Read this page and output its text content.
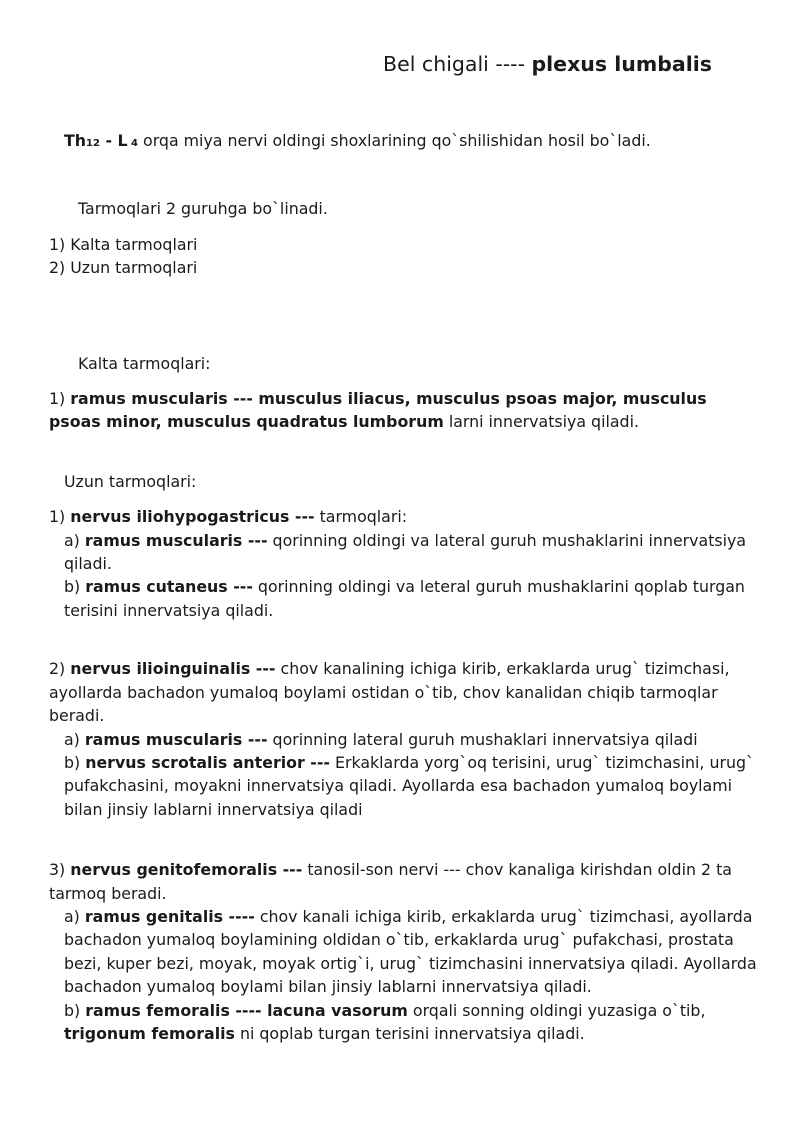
Bel chigali ---- plexus lumbalis

Th12 - L 4 orqa miya nervi oldingi shoxlarining qo`shilishidan hosil bo`ladi.

Tarmoqlari 2 guruhga bo`linadi.

1) Kalta tarmoqlari

2) Uzun tarmoqlari

Kalta tarmoqlari:

1) ramus muscularis --- musculus iliacus, musculus psoas major, musculus psoas minor, musculus quadratus lumborum larni innervatsiya qiladi.

Uzun tarmoqlari:

1) nervus iliohypogastricus --- tarmoqlari:

a) ramus muscularis --- qorinning oldingi va lateral guruh mushaklarini innervatsiya qiladi.

b) ramus cutaneus --- qorinning oldingi va leteral guruh mushaklarini qoplab turgan terisini innervatsiya qiladi.

2) nervus ilioinguinalis --- chov kanalining ichiga kirib, erkaklarda urug` tizimchasi, ayollarda bachadon yumaloq boylami ostidan o`tib, chov kanalidan chiqib tarmoqlar beradi.

a) ramus muscularis --- qorinning lateral guruh mushaklari innervatsiya qiladi

b) nervus scrotalis anterior --- Erkaklarda yorg`oq terisini, urug` tizimchasini, urug` pufakchasini, moyakni innervatsiya qiladi. Ayollarda esa bachadon yumaloq boylami bilan jinsiy lablarni innervatsiya qiladi

3) nervus genitofemoralis --- tanosil-son nervi --- chov kanaliga kirishdan oldin 2 ta tarmoq beradi.

a) ramus genitalis ---- chov kanali ichiga kirib, erkaklarda urug` tizimchasi, ayollarda bachadon yumaloq boylamining oldidan o`tib, erkaklarda urug` pufakchasi, prostata bezi, kuper bezi, moyak, moyak ortig`i, urug` tizimchasini innervatsiya qiladi. Ayollarda bachadon yumaloq boylami bilan jinsiy lablarni innervatsiya qiladi.

b) ramus femoralis ---- lacuna vasorum orqali sonning oldingi yuzasiga o`tib, trigonum femoralis ni qoplab turgan terisini innervatsiya qiladi.
